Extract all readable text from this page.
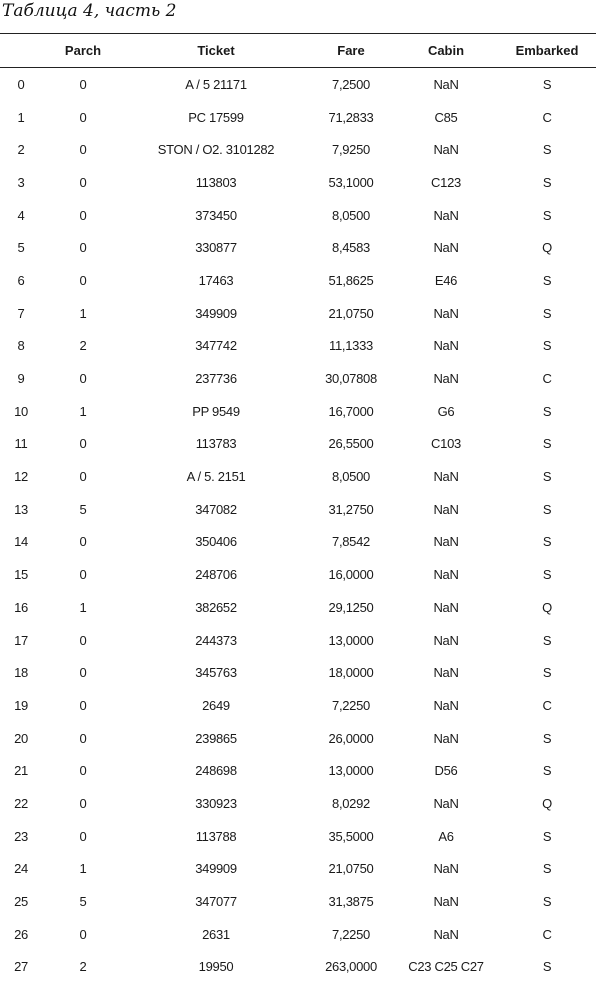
Таблица 4, часть 2
	Parch	Ticket	Fare	Cabin	Embarked
0	0	A / 5 21171	7,2500	NaN	S
1	0	PC 17599	71,2833	C85	C
2	0	STON / O2. 3101282	7,9250	NaN	S
3	0	113803	53,1000	C123	S
4	0	373450	8,0500	NaN	S
5	0	330877	8,4583	NaN	Q
6	0	17463	51,8625	E46	S
7	1	349909	21,0750	NaN	S
8	2	347742	11,1333	NaN	S
9	0	237736	30,07808	NaN	C
10	1	PP 9549	16,7000	G6	S
11	0	113783	26,5500	C103	S
12	0	A / 5. 2151	8,0500	NaN	S
13	5	347082	31,2750	NaN	S
14	0	350406	7,8542	NaN	S
15	0	248706	16,0000	NaN	S
16	1	382652	29,1250	NaN	Q
17	0	244373	13,0000	NaN	S
18	0	345763	18,0000	NaN	S
19	0	2649	7,2250	NaN	C
20	0	239865	26,0000	NaN	S
21	0	248698	13,0000	D56	S
22	0	330923	8,0292	NaN	Q
23	0	113788	35,5000	A6	S
24	1	349909	21,0750	NaN	S
25	5	347077	31,3875	NaN	S
26	0	2631	7,2250	NaN	C
27	2	19950	263,0000	C23 C25 C27	S
